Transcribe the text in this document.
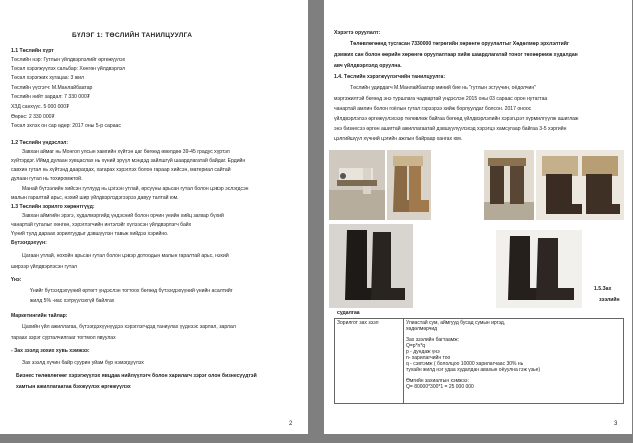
БҮЛЭГ 1: ТӨСЛИЙН ТАНИЛЦУУЛГА
1.1 Төслийн хүрт
Төслийн нэр: Гутлын үйлдвэрлэлийг өргөжүүлэх
Төсөл хэрэгжүүлэх сальбар: Хөнгөн үйлдвэрлэл
Төсөл хэрэгжих хугацаа: 3 жил
Төслийн үүсгэгч: М.Манлайбаатар
Төслийн нийт зардал: 7 330 000₮
ХЗД санхүүс. 5 000 000₮
Өөрөс: 2 330 000₮
Төсөл эхлэх он сар өдөр: 2017 оны 5-р сараас
1.2 Төслийн үндэслэл:
Завхан аймаг нь Монгол улсын хамгийн хүйтэн цаг бөгөөд өвөлдөө 39-45 градус хүртэл
хүйтэрдэг. Иймд дулаан хувцаслах нь хүний эрүүл мэндэд зайлшгүй шаардлагатай байдаг. Ердийн
савхин гутал нь хүйтэнд даарагдах, хагарах хэрэглэх болон гараар хийсэн, материал сайтай
дулаан гутал нь тохиромжтой.
Манай бүтээлийн хийсэн гутлууд нь цэгээн утлай, өрсүүны арьсан гутал болон цэвэр эслэгдсэн
малын гаралтай арьс, нэхий шир үйлдвэрлэдэгээрээ давуу талтай юм.
1.3 Төслийн зорилго хөрөнтгүүд:
Завхан аймгийн эрэгэ, худалмэргийд үндэсний болон орчин үеийн хийц загвар бүхий
чанартай гуталыг хөнгөн, хэрэглэгчийн интэлэйг хүлээсэн үйлдвэрлэгч байх
Үүний тулд дараах зорилгуудыг дэвшүүлэн тавьж хийдээ хэрийно.
Бүтээгдэхүүн:
Цагаан утлай, нохойн арьсан гутал болон цэвэр дотоодын малын гаралтай арьс, нэхий
ширээр үйлдвэрлэсэн гутал
Үнэ:
Үнийг бүтээгдэхүүний өртөгт үндэслэн тогтоох бөгөөд бүтээгдэхүүний үнийн асалтийг
жилд 5% -иас хэтрүүлэхгүй байлгах
Маркетингийн тайлар:
Цахийн үйл ажиллагаа, бүтээгдэхүүнүүдээ хэрэглэгчдэд таниулах үүднээс зарлал, зарлал
тараах зэрэг сурталчилгааг тогтмол явуулах
- Зах зээлд зохих хувь хэмжээ:
Зах зээлд хүчин байр суурин уйам бүр нэмэгдүүлэх
Бизнес төлөвлөгөөг хэрэгжүүлэх явцдаа нийлүүлэгч болон харилагч зэрэг олон бизнесүүдтэй
хамтын ажиллагаатаа бэхжүүлэх өргөжүүлэх
2
Хэрэгтэ оруулалт:
Төлөвлөгөөнд тусгасан 7330000 төгрөгийн хөрөнгө оруулалтыг Хөдөлмөр эрхлэлтийг
дэмжих сан болон өөрийн хөрөнгө оруулалтаар хийж шаардлагатай тоног төхөөрөмж худалдан
авч үйлдвэрлэлд оруулна.
1.4. Төслийн хэрэгжүүлэгчийн танилцуулга:
Төслийн удирдагч М.Манлайбаатар миний бие нь "гутлын эсгүүчин, оёдолчин"
мэргэжилтэй бөгөөд энэ туршлага чадвартай үндэслэн 2015 оны 03 сараас орон нутагтаа
чанартай амлин болон гоёлын гутал гэрээрээ хийж борлуулдаг болсон. 2017 оноос
үйлдвэрлэлээ өргөжүүлэхээр төлөвлөж байгаа бөгөөд үйлдвэрлэлийн хэрэгцээт хүрмилгүүлж ашиглаж
энэ бизнесээ өргөн ашигтай ажиллагаатай дэвшүүлүүлэхэд хэрэгцэ хамсугаар байгаа 3-5 хэргийн
цэлгийшүүл хүчний цэгийн ажлын байраар хангах юм.
1.5.Зах
зээлийн
судалгаа
Зорилгот зах зээл	Улиастай сум, аймгууд бусад сумын иргэд,
хөдөлмөрчид
Зах зээлийн багтаамж:
Q=p*n*q
p - дундаж үнэ
n- харилагчийн тоо
q - сэвтэмж ( бололцоо 10000 харилагчаас 30% нь
тухайн жилд нэг удаа худалдан авахын оёуулна гэж үзье)
Өмгийн захиалгын хэмжээ:
Q= 80000*300*1 = 25 000 000
3
